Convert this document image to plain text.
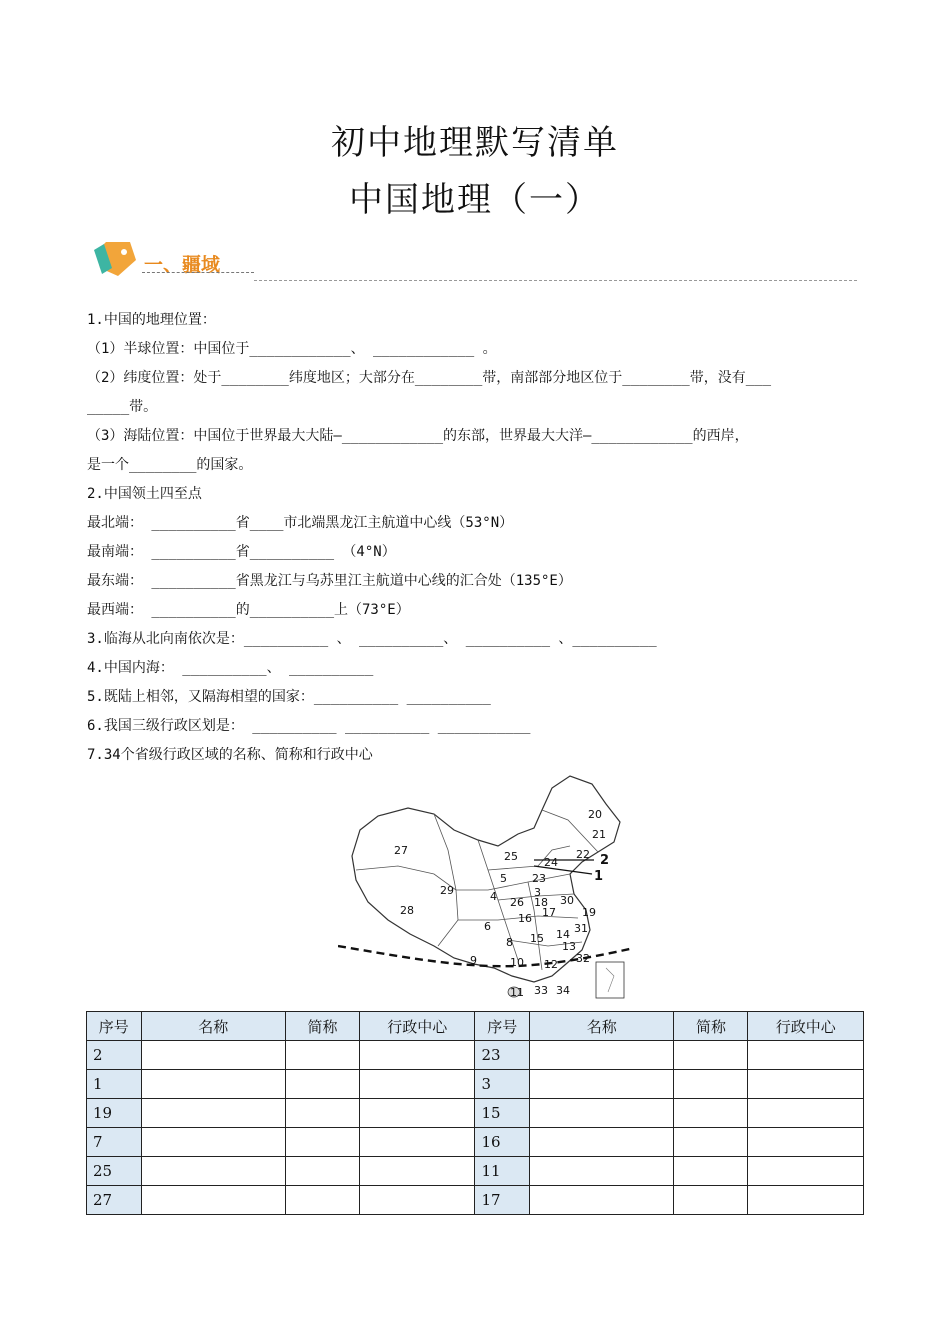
初中地理默写清单
中国地理（一）
一、疆域
1.中国的地理位置：
（1）半球位置：中国位于____________、 ____________ 。
（2）纬度位置：处于________纬度地区；大部分在________带，南部部分地区位于________带，没有___
_____带。
（3）海陆位置：中国位于世界最大大陆—____________的东部，世界最大大洋—____________的西岸，
是一个________的国家。
2.中国领土四至点
最北端： __________省____市北端黑龙江主航道中心线（53°N）
最南端： __________省__________ （4°N）
最东端： __________省黑龙江与乌苏里江主航道中心线的汇合处（135°E）
最西端： __________的__________上（73°E）
3.临海从北向南依次是：__________ 、 __________、 __________ 、__________
4.中国内海： __________、 __________
5.既陆上相邻，又隔海相望的国家：__________ __________
6.我国三级行政区划是： __________ __________ ___________
7.34个省级行政区域的名称、简称和行政中心
20
21
22 2
1
25 24
23
3
27
29
5
4 26 18 30
19
28
16 17
31
6
8 15 14
13
32
9	10 12
33 34
11
序号	名称	简称	行政中心	序号	名称	简称	行政中心
2				23			
1				3			
19				15			
7				16			
25				11			
27				17			
